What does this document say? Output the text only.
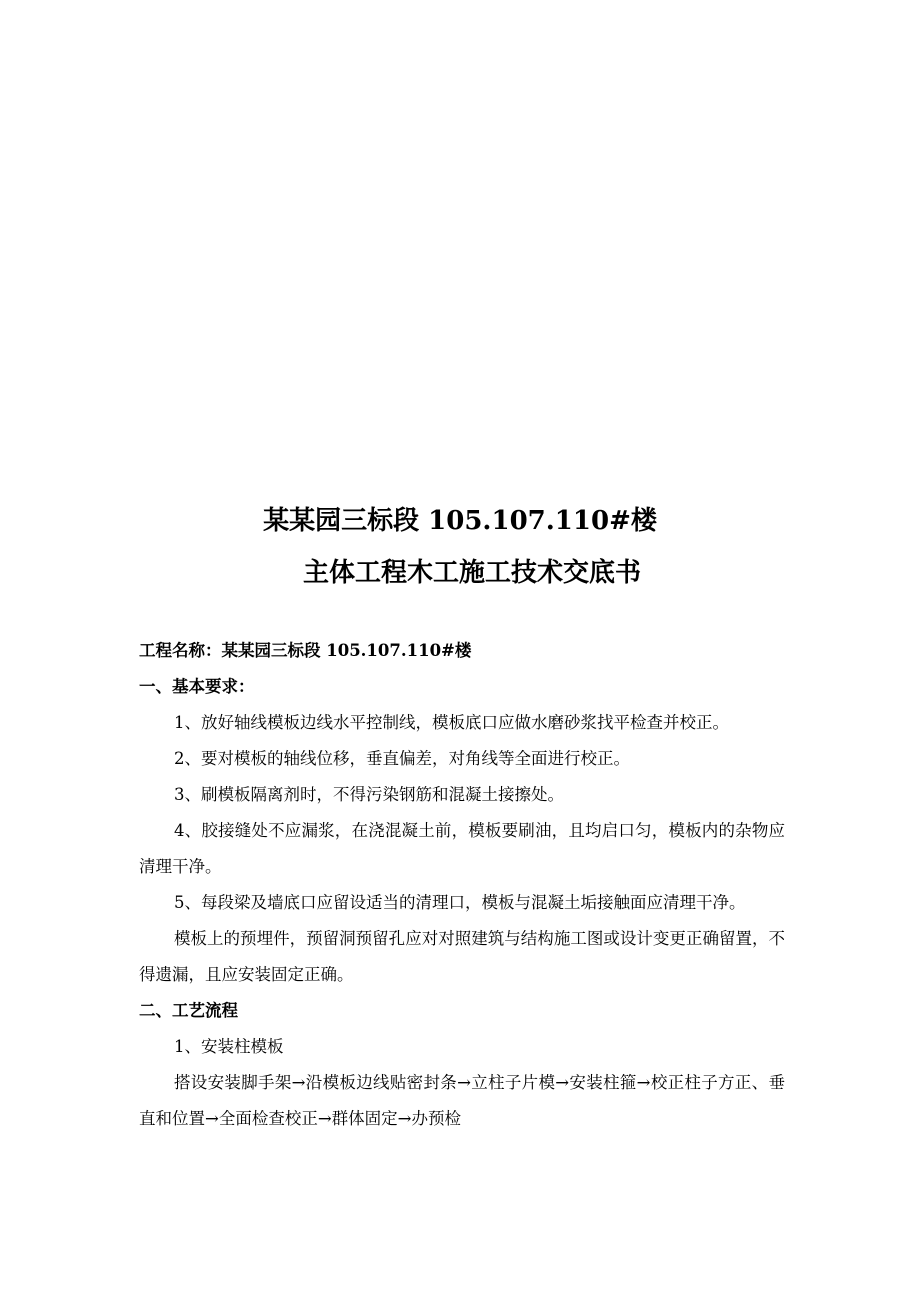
某某园三标段 105.107.110#楼
主体工程木工施工技术交底书
工程名称：某某园三标段 105.107.110#楼
一、基本要求：
1、放好轴线模板边线水平控制线，模板底口应做水磨砂浆找平检查并校正。
2、要对模板的轴线位移，垂直偏差，对角线等全面进行校正。
3、刷模板隔离剂时，不得污染钢筋和混凝土接擦处。
4、胶接缝处不应漏浆，在浇混凝土前，模板要刷油，且均启口匀，模板内的杂物应清理干净。
5、每段梁及墙底口应留设适当的清理口，模板与混凝土垢接触面应清理干净。
模板上的预埋件，预留洞预留孔应对对照建筑与结构施工图或设计变更正确留置，不得遗漏，且应安装固定正确。
二、工艺流程
1、安装柱模板
搭设安装脚手架→沿模板边线贴密封条→立柱子片模→安装柱箍→校正柱子方正、垂直和位置→全面检查校正→群体固定→办预检
